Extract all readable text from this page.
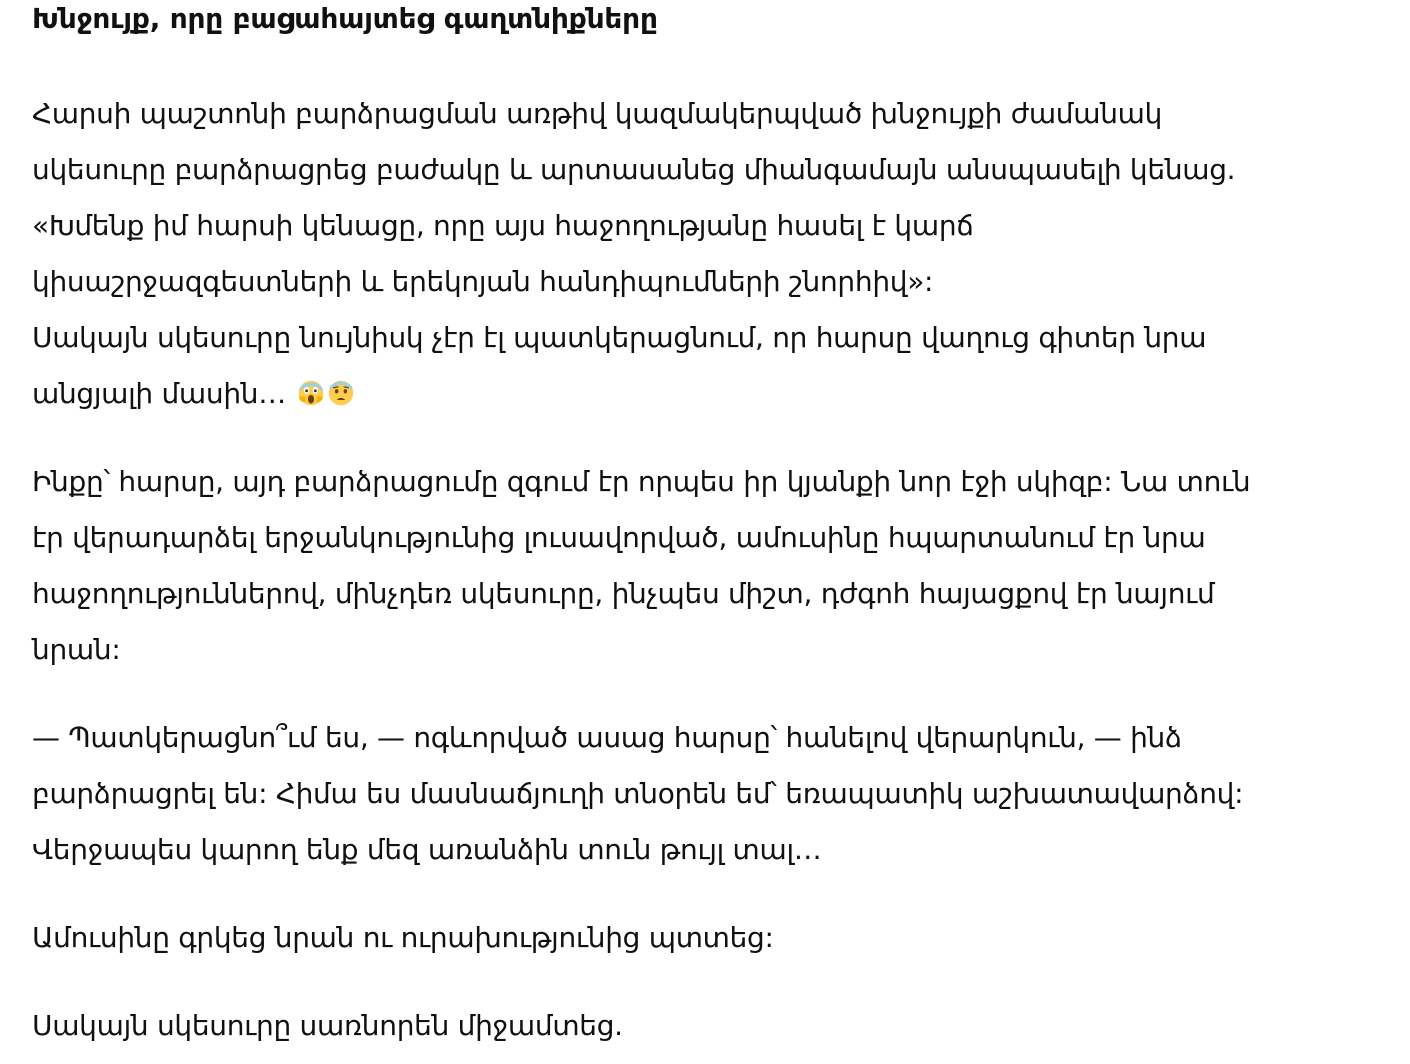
Խնջույք, որը բացահայտեց գաղտնիքները

Հարսի պաշտոնի բարձրացման առթիվ կազմակերպված խնջույքի ժամանակ
սկեսուրը բարձրացրեց բաժակը և արտասանեց միանգամայն անսպասելի կենաց.
«Խմենք իմ հարսի կենացը, որը այս հաջողությանը հասել է կարճ
կիսաշրջազգեստների և երեկոյան հանդիպումների շնորհիվ»:
Սակայն սկեսուրը նույնիսկ չէր էլ պատկերացնում, որ հարսը վաղուց գիտեր նրա
անցյալի մասին…

Ինքը՝ հարսը, այդ բարձրացումը զգում էր որպես իր կյանքի նոր էջի սկիզբ: Նա տուն
էր վերադարձել երջանկությունից լուսավորված, ամուսինը հպարտանում էր նրա
հաջողություններով, մինչդեռ սկեսուրը, ինչպես միշտ, դժգոհ հայացքով էր նայում
նրան:

— Պատկերացնո՞ւմ ես, — ոգևորված ասաց հարսը՝ հանելով վերարկուն, — ինձ
բարձրացրել են: Հիմա ես մասնաճյուղի տնօրեն եմ՝ եռապատիկ աշխատավարձով:
Վերջապես կարող ենք մեզ առանձին տուն թույլ տալ…

Ամուսինը գրկեց նրան ու ուրախությունից պտտեց:

Սակայն սկեսուրը սառնորեն միջամտեց.
